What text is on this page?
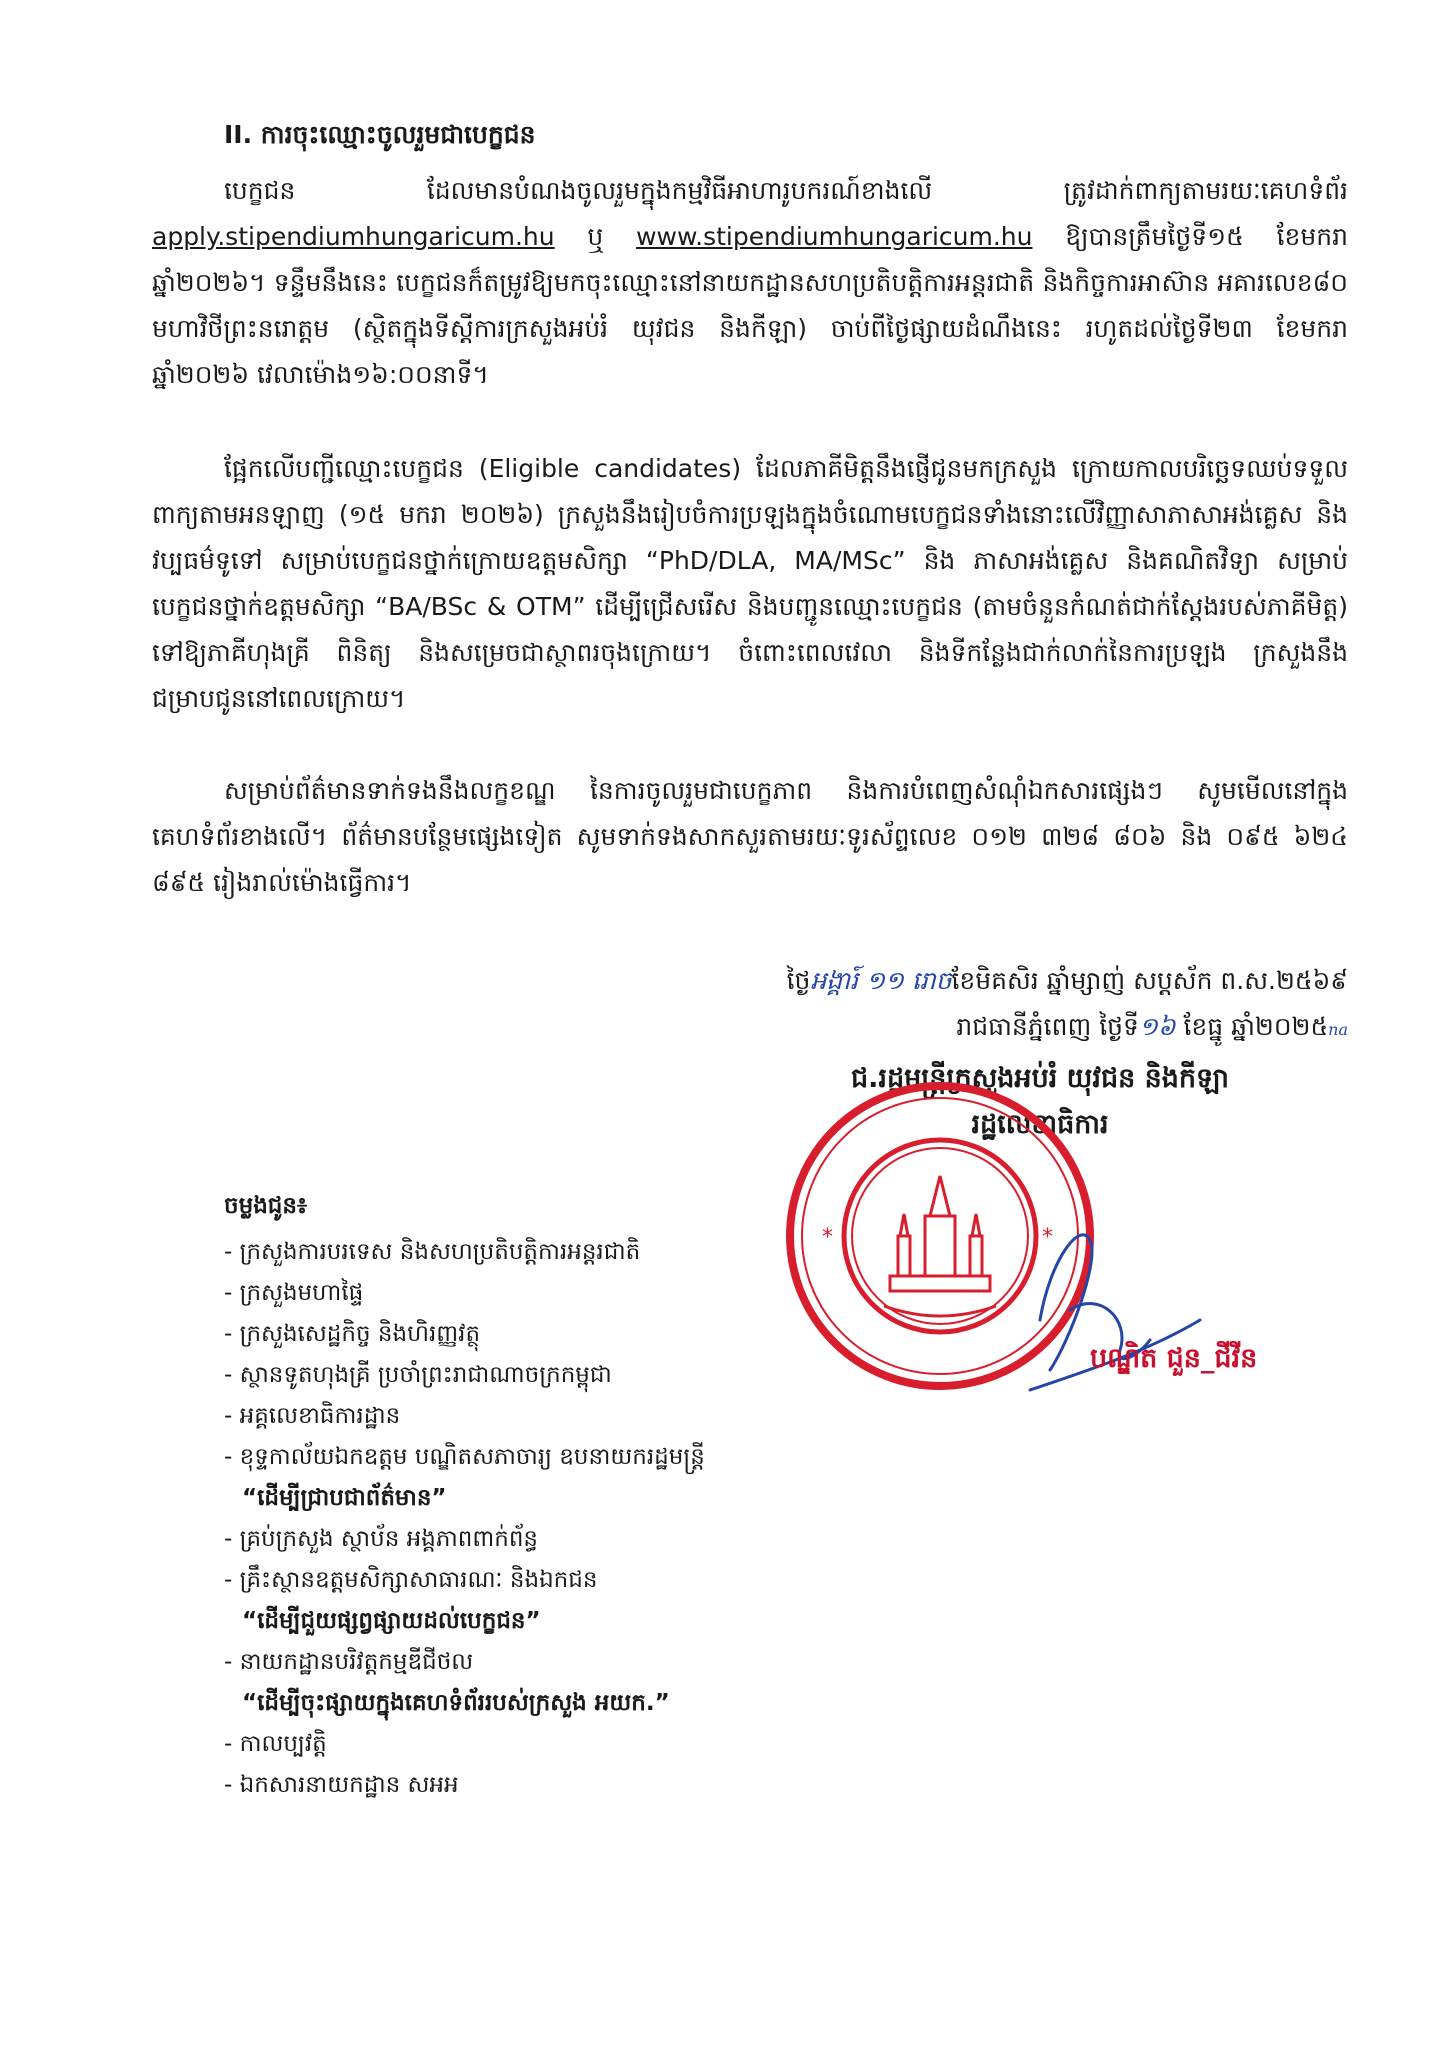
II. ការចុះឈ្មោះចូលរួមជាបេក្ខជន

បេក្ខជន ដែលមានបំណងចូលរួមក្នុងកម្មវិធីអាហារូបករណ៍ខាងលើ ត្រូវដាក់ពាក្យតាមរយៈគេហទំព័រ apply.stipendiumhungaricum.hu ឬ www.stipendiumhungaricum.hu ឱ្យបានត្រឹមថ្ងៃទី១៥ ខែមករា ឆ្នាំ២០២៦។ ទន្ទឹមនឹងនេះ បេក្ខជនក៏តម្រូវឱ្យមកចុះឈ្មោះនៅនាយកដ្ឋានសហប្រតិបត្តិការអន្តរជាតិ និងកិច្ចការអាស៊ាន អគារលេខ៨០ មហាវិថីព្រះនរោត្តម (ស្ថិតក្នុងទីស្តីការក្រសួងអប់រំ យុវជន និងកីឡា) ចាប់ពីថ្ងៃផ្សាយដំណឹងនេះ រហូតដល់ថ្ងៃទី២៣ ខែមករា ឆ្នាំ២០២៦ វេលាម៉ោង១៦:០០នាទី។

ផ្អែកលើបញ្ជីឈ្មោះបេក្ខជន (Eligible candidates) ដែលភាគីមិត្តនឹងផ្ញើជូនមកក្រសួង ក្រោយកាលបរិច្ឆេទឈប់ទទួលពាក្យតាមអនឡាញ (១៥ មករា ២០២៦) ក្រសួងនឹងរៀបចំការប្រឡងក្នុងចំណោមបេក្ខជនទាំងនោះលើវិញ្ញាសាភាសាអង់គ្លេស និងវប្បធម៌ទូទៅ សម្រាប់បេក្ខជនថ្នាក់ក្រោយឧត្តមសិក្សា “PhD/DLA, MA/MSc” និង ភាសាអង់គ្លេស និងគណិតវិទ្យា សម្រាប់បេក្ខជនថ្នាក់ឧត្តមសិក្សា “BA/BSc & OTM” ដើម្បីជ្រើសរើស និងបញ្ជូនឈ្មោះបេក្ខជន (តាមចំនួនកំណត់ជាក់ស្តែងរបស់ភាគីមិត្ត) ទៅឱ្យភាគីហុងគ្រី ពិនិត្យ និងសម្រេចជាស្ថាពរចុងក្រោយ។ ចំពោះពេលវេលា និងទីកន្លែងជាក់លាក់នៃការប្រឡង ក្រសួងនឹងជម្រាបជូននៅពេលក្រោយ។

សម្រាប់ព័ត៌មានទាក់ទងនឹងលក្ខខណ្ឌ នៃការចូលរួមជាបេក្ខភាព និងការបំពេញសំណុំឯកសារផ្សេងៗ សូមមើលនៅក្នុងគេហទំព័រខាងលើ។ ព័ត៌មានបន្ថែមផ្សេងទៀត សូមទាក់ទងសាកសួរតាមរយៈទូរស័ព្ទលេខ ០១២ ៣២៨ ៨០៦ និង ០៩៥ ៦២៤ ៨៩៥ រៀងរាល់ម៉ោងធ្វើការ។

ថ្ងៃអង្គារ៍ ១១ រោចខែមិគសិរ ឆ្នាំម្សាញ់ សប្តស័ក ព.ស.២៥៦៩
រាជធានីភ្នំពេញ ថ្ងៃទី១៦ ខែធ្នូ ឆ្នាំ២០២៥na
ជ.រដ្ឋមន្ត្រីក្រសួងអប់រំ យុវជន និងកីឡា
រដ្ឋលេខាធិការ
*	*
បណ្ឌិត ជួន_ជីវីន
ចម្លងជូន៖
- ក្រសួងការបរទេស និងសហប្រតិបត្តិការអន្តរជាតិ
- ក្រសួងមហាផ្ទៃ
- ក្រសួងសេដ្ឋកិច្ច និងហិរញ្ញវត្ថុ
- ស្ថានទូតហុងគ្រី ប្រចាំព្រះរាជាណាចក្រកម្ពុជា
- អគ្គលេខាធិការដ្ឋាន
- ខុទ្ទកាល័យឯកឧត្តម បណ្ឌិតសភាចារ្យ ឧបនាយករដ្ឋមន្ត្រី
“ដើម្បីជ្រាបជាព័ត៌មាន”
- គ្រប់ក្រសួង ស្ថាប័ន អង្គភាពពាក់ព័ន្ធ
- គ្រឹះស្ថានឧត្តមសិក្សាសាធារណៈ និងឯកជន
“ដើម្បីជួយផ្សព្វផ្សាយដល់បេក្ខជន”
- នាយកដ្ឋានបរិវត្តកម្មឌីជីថល
“ដើម្បីចុះផ្សាយក្នុងគេហទំព័ររបស់ក្រសួង អយក.”
- កាលប្បវត្តិ
- ឯកសារនាយកដ្ឋាន សអអ
